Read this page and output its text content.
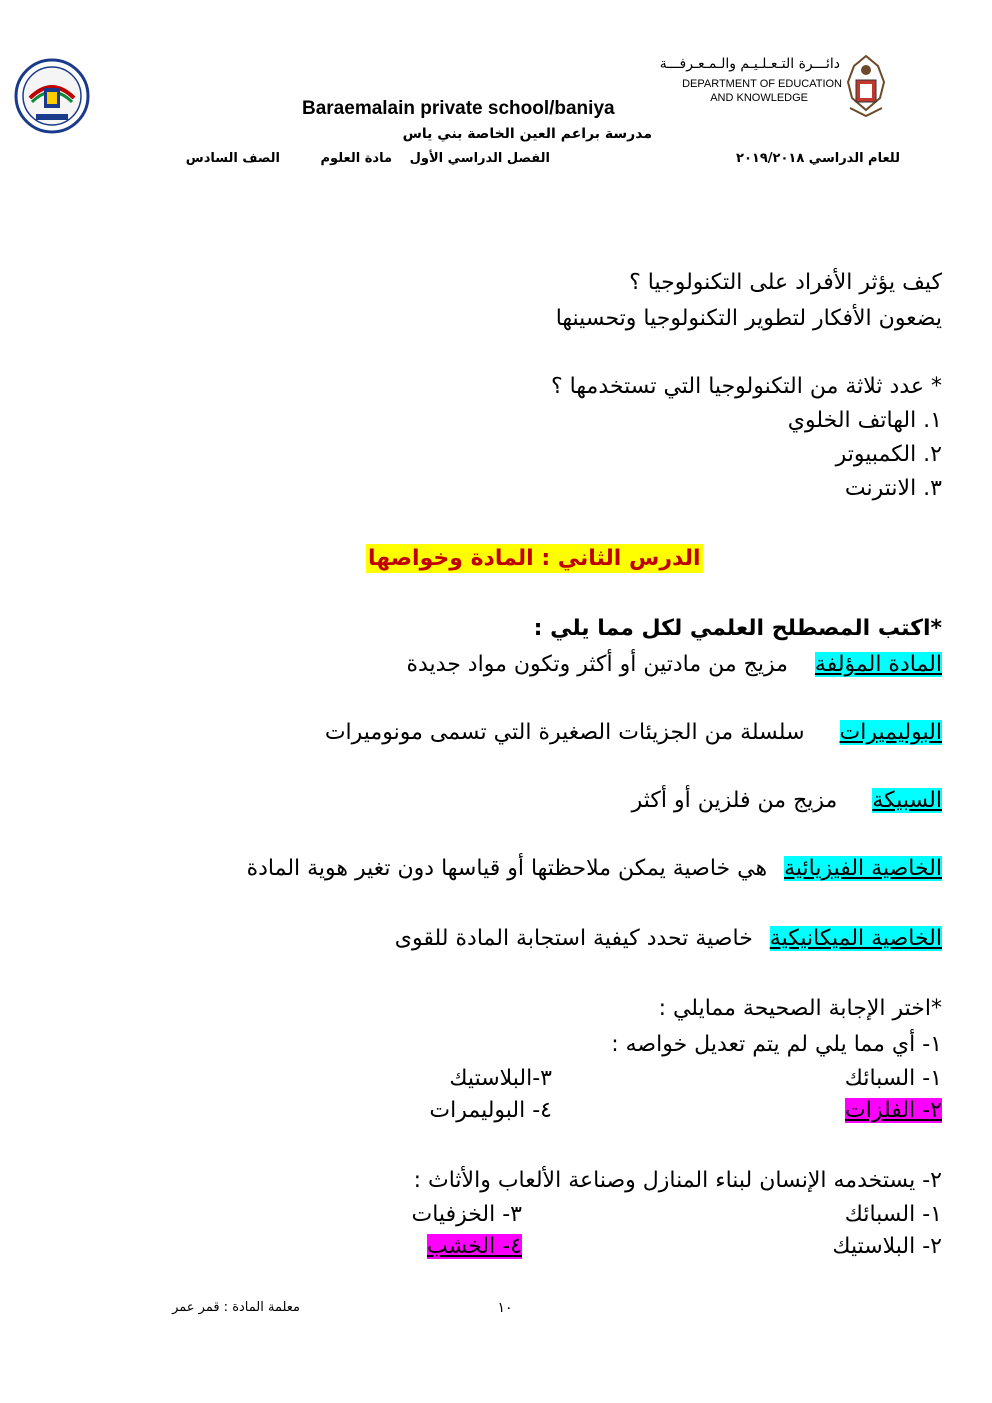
دائـــرة التـعـلـيـم والـمـعـرفـــة
DEPARTMENT OF EDUCATION
AND KNOWLEDGE
Baraemalain private school/baniya
مدرسة براعم العين الخاصة بني ياس
للعام الدراسي ٢٠١٩/٢٠١٨
الفصل الدراسي الأول
مادة العلوم
الصف السادس
كيف يؤثر الأفراد على التكنولوجيا ؟
يضعون الأفكار لتطوير التكنولوجيا وتحسينها
* عدد ثلاثة من التكنولوجيا التي تستخدمها ؟
١. الهاتف الخلوي
٢. الكمبيوتر
٣. الانترنت
الدرس الثاني : المادة وخواصها
*اكتب المصطلح العلمي لكل مما يلي :
المادة المؤلفة مزيج من مادتين أو أكثر وتكون مواد جديدة
البوليميرات سلسلة من الجزيئات الصغيرة التي تسمى مونوميرات
السبيكة مزيج من فلزين أو أكثر
الخاصية الفيزيائية هي خاصية يمكن ملاحظتها أو قياسها دون تغير هوية المادة
الخاصية الميكانيكية خاصية تحدد كيفية استجابة المادة للقوى
*اختر الإجابة الصحيحة ممايلي :
١- أي مما يلي لم يتم تعديل خواصه :
١- السبائك
٣-البلاستيك
٢- الفلزات
٤- البوليمرات
٢- يستخدمه الإنسان لبناء المنازل وصناعة الألعاب والأثاث :
١- السبائك
٣- الخزفيات
٢- البلاستيك
٤- الخشب
١٠
معلمة المادة : قمر عمر
